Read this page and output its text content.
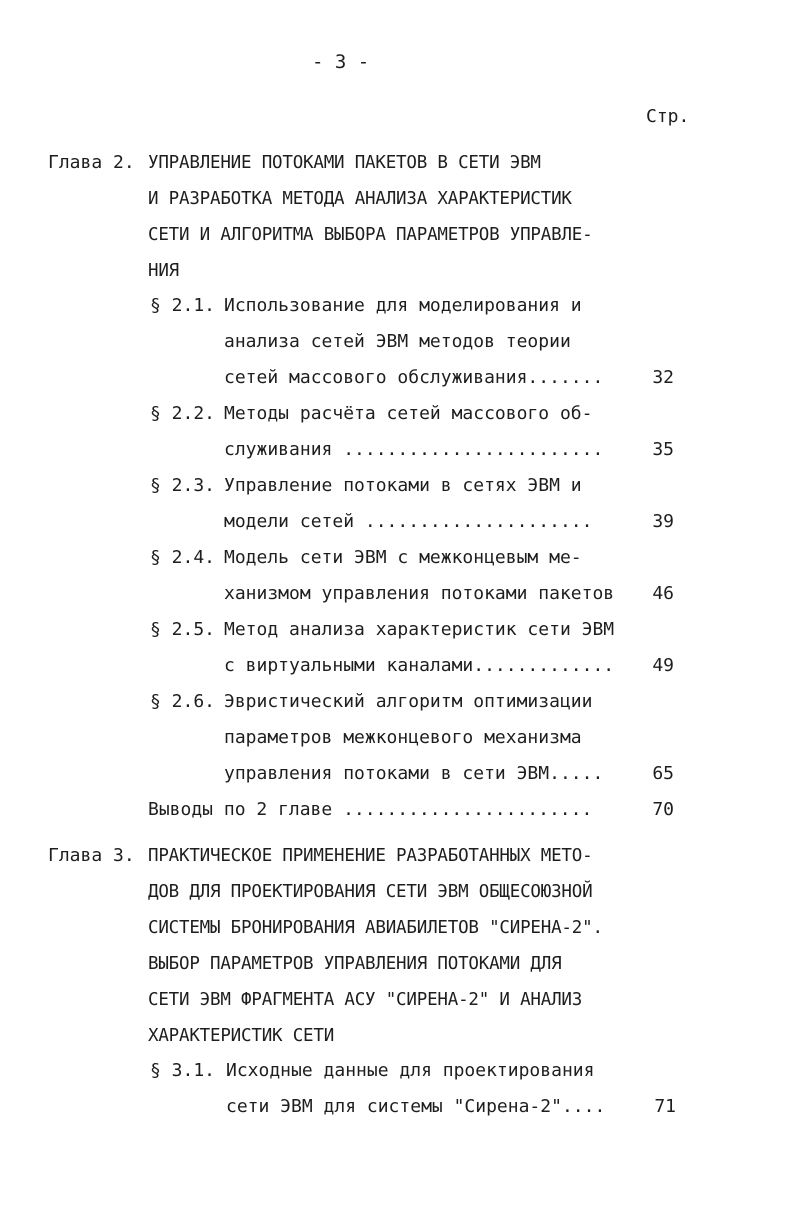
- 3 -
Стр.
Глава 2. УПРАВЛЕНИЕ ПОТОКАМИ ПАКЕТОВ В СЕТИ ЭВМ
И РАЗРАБОТКА МЕТОДА АНАЛИЗА ХАРАКТЕРИСТИК
СЕТИ И АЛГОРИТМА ВЫБОРА ПАРАМЕТРОВ УПРАВЛЕ-
НИЯ
§ 2.1. Использование для моделирования и
анализа сетей ЭВМ методов теории
сетей массового обслуживания.......	32
§ 2.2. Методы расчёта сетей массового об-
служивания ........................	35
§ 2.3. Управление потоками в сетях ЭВМ и
модели сетей .....................	39
§ 2.4. Модель сети ЭВМ с межконцевым ме-
ханизмом управления потоками пакетов	46
§ 2.5. Метод анализа характеристик сети ЭВМ
с виртуальными каналами.............	49
§ 2.6. Эвристический алгоритм оптимизации
параметров межконцевого механизма
управления потоками в сети ЭВМ.....	65
Выводы по 2 главе .......................	70
Глава 3. ПРАКТИЧЕСКОЕ ПРИМЕНЕНИЕ РАЗРАБОТАННЫХ МЕТО-
ДОВ ДЛЯ ПРОЕКТИРОВАНИЯ СЕТИ ЭВМ ОБЩЕСОЮЗНОЙ
СИСТЕМЫ БРОНИРОВАНИЯ АВИАБИЛЕТОВ "СИРЕНА-2".
ВЫБОР ПАРАМЕТРОВ УПРАВЛЕНИЯ ПОТОКАМИ ДЛЯ
СЕТИ ЭВМ ФРАГМЕНТА АСУ "СИРЕНА-2" И АНАЛИЗ
ХАРАКТЕРИСТИК СЕТИ
§ 3.1. Исходные данные для проектирования
сети ЭВМ для системы "Сирена-2"....	71
